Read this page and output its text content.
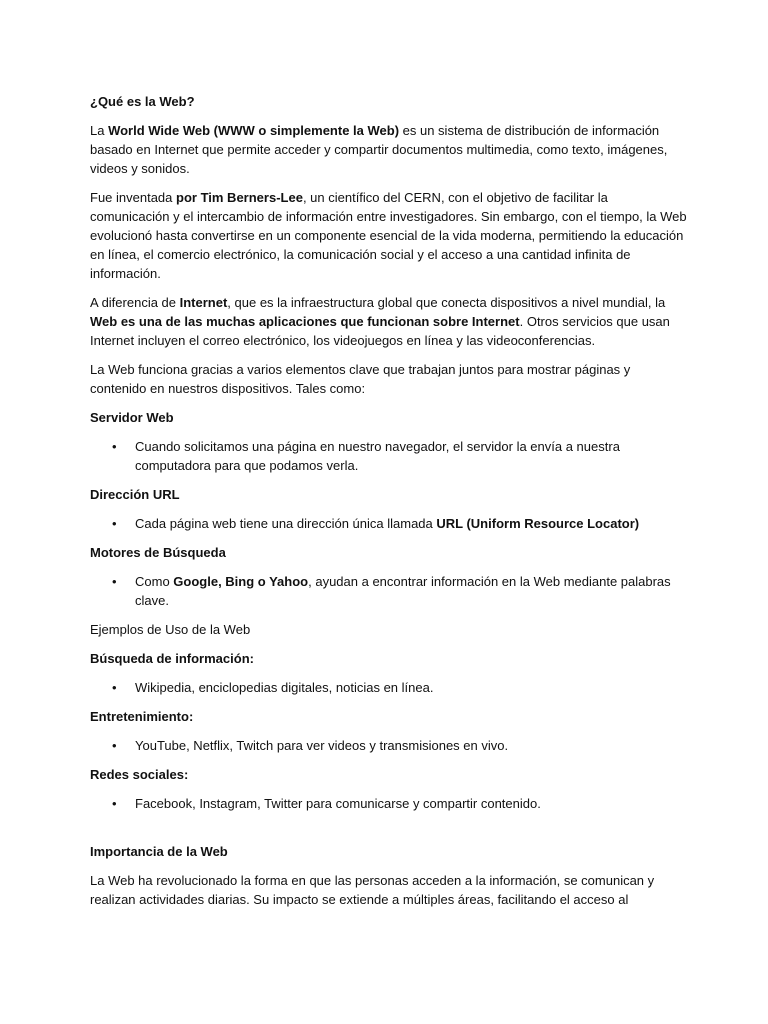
¿Qué es la Web?

La World Wide Web (WWW o simplemente la Web) es un sistema de distribución de información basado en Internet que permite acceder y compartir documentos multimedia, como texto, imágenes, videos y sonidos.

Fue inventada por Tim Berners-Lee, un científico del CERN, con el objetivo de facilitar la comunicación y el intercambio de información entre investigadores. Sin embargo, con el tiempo, la Web evolucionó hasta convertirse en un componente esencial de la vida moderna, permitiendo la educación en línea, el comercio electrónico, la comunicación social y el acceso a una cantidad infinita de información.

A diferencia de Internet, que es la infraestructura global que conecta dispositivos a nivel mundial, la Web es una de las muchas aplicaciones que funcionan sobre Internet. Otros servicios que usan Internet incluyen el correo electrónico, los videojuegos en línea y las videoconferencias.

La Web funciona gracias a varios elementos clave que trabajan juntos para mostrar páginas y contenido en nuestros dispositivos. Tales como:

Servidor Web

• Cuando solicitamos una página en nuestro navegador, el servidor la envía a nuestra computadora para que podamos verla.

Dirección URL

• Cada página web tiene una dirección única llamada URL (Uniform Resource Locator)

Motores de Búsqueda

• Como Google, Bing o Yahoo, ayudan a encontrar información en la Web mediante palabras clave.

Ejemplos de Uso de la Web

Búsqueda de información:

• Wikipedia, enciclopedias digitales, noticias en línea.

Entretenimiento:

• YouTube, Netflix, Twitch para ver videos y transmisiones en vivo.

Redes sociales:

• Facebook, Instagram, Twitter para comunicarse y compartir contenido.

Importancia de la Web

La Web ha revolucionado la forma en que las personas acceden a la información, se comunican y realizan actividades diarias. Su impacto se extiende a múltiples áreas, facilitando el acceso al
